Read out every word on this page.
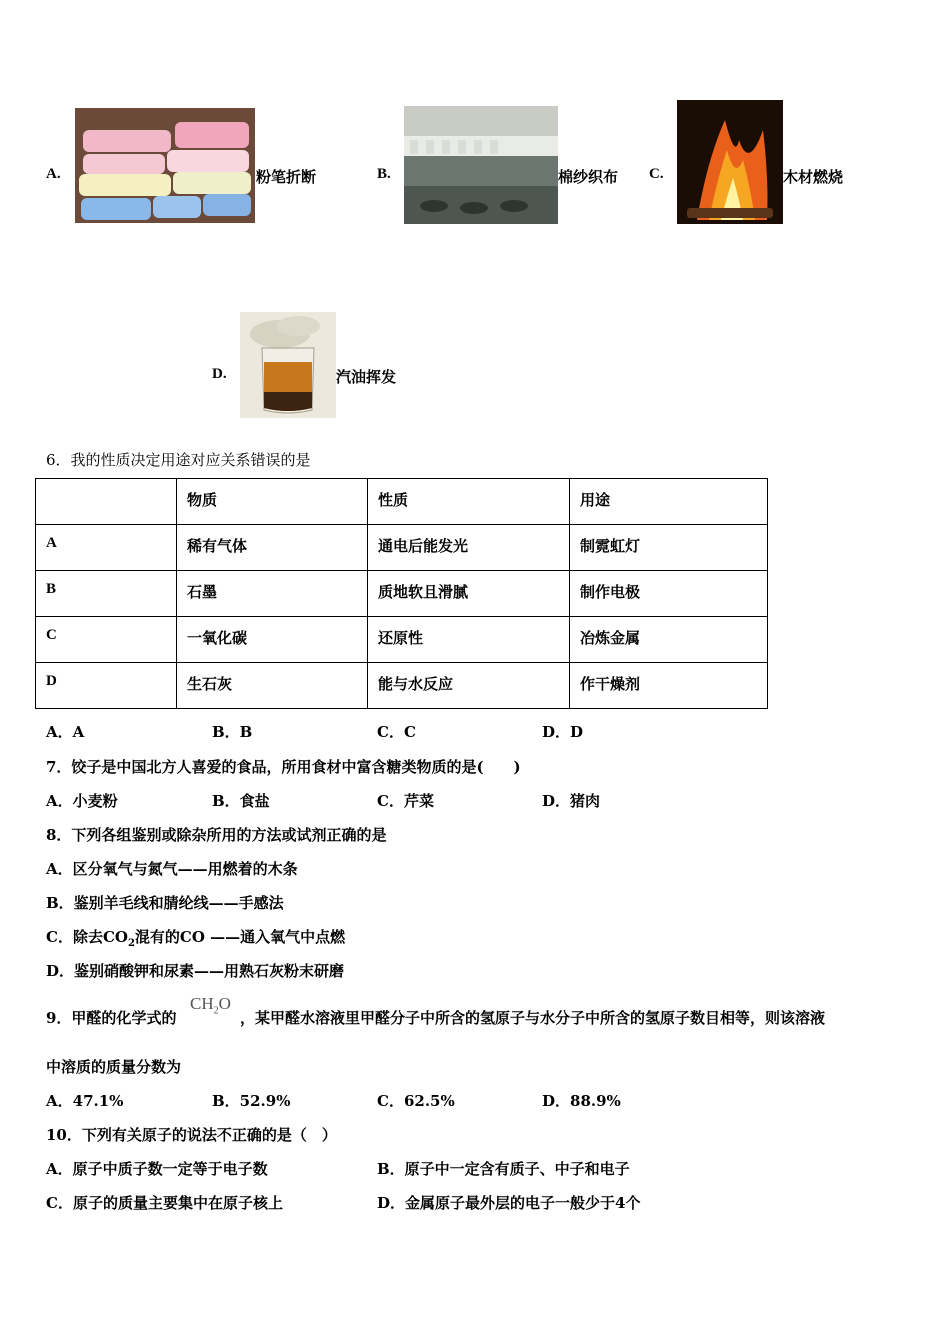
A.	粉笔折断	B.	棉纱织布 C.	木材燃烧
D.	汽油挥发
6．我的性质决定用途对应关系错误的是
	物质	性质	用途
A	稀有气体	通电后能发光	制霓虹灯
B	石墨	质地软且滑腻	制作电极
C	一氧化碳	还原性	冶炼金属
D	生石灰	能与水反应	作干燥剂
A．A	B．B	C．C	D．D
7．饺子是中国北方人喜爱的食品，所用食材中富含糖类物质的是(　　)
A．小麦粉	B．食盐	C．芹菜	D．猪肉
8．下列各组鉴别或除杂所用的方法或试剂正确的是
A．区分氧气与氮气——用燃着的木条
B．鉴别羊毛线和腈纶线——手感法
C．除去$CO_2$混有的CO ——通入氧气中点燃
D．鉴别硝酸钾和尿素——用熟石灰粉末研磨
9．甲醛的化学式的
$CH_2O$
，某甲醛水溶液里甲醛分子中所含的氢原子与水分子中所含的氢原子数目相等，则该溶液
中溶质的质量分数为
A．47.1%	B．52.9%	C．62.5%	D．88.9%
10．下列有关原子的说法不正确的是（　）
A．原子中质子数一定等于电子数	B．原子中一定含有质子、中子和电子
C．原子的质量主要集中在原子核上	D．金属原子最外层的电子一般少于4个
